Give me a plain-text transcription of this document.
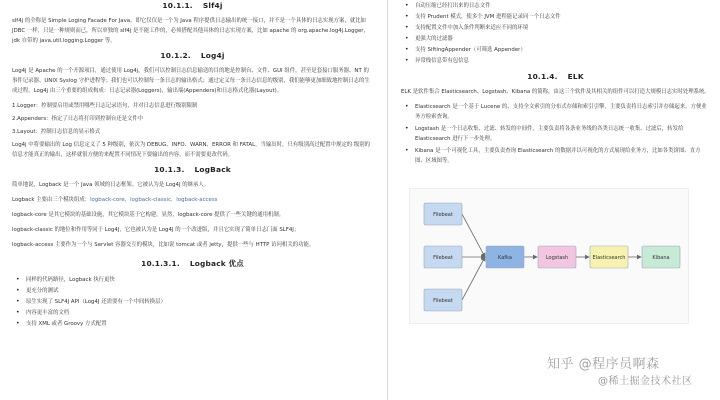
10.1.1. Slf4j

slf4j 的全称是 Simple Loging Facade For Java，即它仅仅是一个为 Java 程序提供日志输出的统一接口，并不是一个具体的日志实现方案，就比如 JDBC 一样，只是一种规则而已。所以单独的 slf4j 是不能工作的，必须搭配其他具体的日志实现方案，比如 apache 的 org.apache.log4j.Logger，jdk 自带的 java.util.logging.Logger 等。

10.1.2. Log4j

Log4j 是 Apache 的一个开源项目，通过使用 Log4j，我们可以控制日志信息输送的目的地是控制台、文件、GUI 组件，甚至是套接口服务器、NT 的事件记录器、UNIX Syslog 守护进程等；我们也可以控制每一条日志的输出格式；通过定义每一条日志信息的级别，我们能够更加细致地控制日志的生成过程。Log4j 由三个重要的组成构成：日志记录器(Loggers)，输出端(Appenders)和日志格式化器(Layout)。

1.Logger：控制要启用或禁用哪些日志记录语句，并对日志信息进行级别限制

2.Appenders：指定了日志将打印到控制台还是文件中

3.Layout：控制日志信息的显示格式

Log4j 中将要输出的 Log 信息定义了 5 种级别，依次为 DEBUG、INFO、WARN、ERROR 和 FATAL，当输出时，只有级别高过配置中规定的 级别的信息才能真正的输出，这样就很方便的来配置不同情况下要输出的内容，而不需要更改代码。

10.1.3. LogBack

简单地说，Logback 是一个 Java 领域的日志框架。它被认为是 Log4J 的继承人。

Logback 主要由三个模块组成：logback-core，logback-classic，logback-access

logback-core 是其它模块的基础设施，其它模块基于它构建，显然，logback-core 提供了一些关键的通用机制。

logback-classic 的地位和作用等同于 Log4J，它也被认为是 Log4J 的一个改进版，并且它实现了简单日志门面 SLF4J；

logback-access 主要作为一个与 Servlet 容器交互的模块，比如说 tomcat 或者 jetty，提供一些与 HTTP 访问相关的功能。

10.1.3.1. Logback 优点
• 同样的代码路径，Logback 执行更快
• 更充分的测试
• 原生实现了 SLF4J API（Log4J 还需要有一个中间转换层）
• 内容更丰富的文档
• 支持 XML 或者 Groovy 方式配置
• 自动压缩已经打出来的日志文件
• 支持 Prudent 模式，使多个 JVM 进程能记录同一个日志文件
• 支持配置文件中加入条件判断来适应不同的环境
• 更强大的过滤器
• 支持 SiftingAppender（可筛选 Appender）
• 异常栈信息带有包信息
10.1.4. ELK

ELK 是软件集合 Elasticsearch、Logstash、Kibana 的简称，由这三个软件及其相关的组件可以打造大规模日志实时处理系统。

• Elasticsearch 是一个基于 Lucene 的、支持全文索引的分布式存储和索引引擎，主要负责将日志索引并存储起来，方便业务方检索查询。
• Logstash 是一个日志收集、过滤、转发的中间件，主要负责将各条业务线的各类日志统一收集、过滤后，转发给 Elasticsearch 进行下一步处理。
• Kibana 是一个可视化工具，主要负责查询 Elasticsearch 的数据并以可视化的方式展现给业务方，比如各类饼图、直方图、区域图等。
Filebeat
Filebeat
Filebeat
Kafka	Logstash	Elasticsearch	Kibana
知乎 @程序员啊森
@稀土掘金技术社区
